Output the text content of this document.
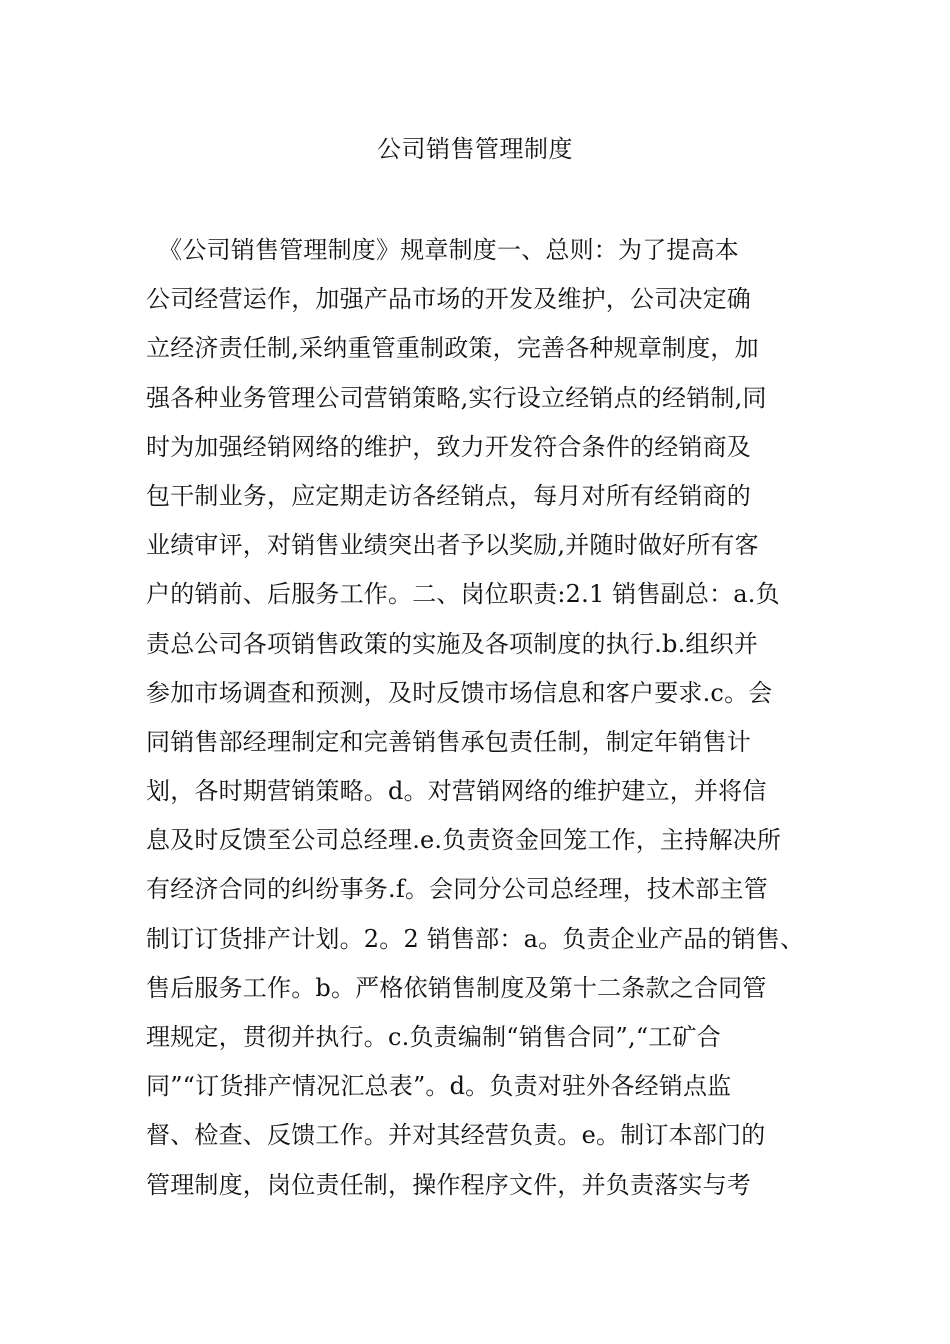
公司销售管理制度
　《公司销售管理制度》规章制度一、总则：为了提高本
公司经营运作，加强产品市场的开发及维护，公司决定确
立经济责任制,采纳重管重制政策，完善各种规章制度，加
强各种业务管理公司营销策略,实行设立经销点的经销制,同
时为加强经销网络的维护，致力开发符合条件的经销商及
包干制业务，应定期走访各经销点，每月对所有经销商的
业绩审评，对销售业绩突出者予以奖励,并随时做好所有客
户的销前、后服务工作。二、岗位职责:2.1 销售副总：a.负
责总公司各项销售政策的实施及各项制度的执行.b.组织并
参加市场调查和预测，及时反馈市场信息和客户要求.c。会
同销售部经理制定和完善销售承包责任制，制定年销售计
划，各时期营销策略。d。对营销网络的维护建立，并将信
息及时反馈至公司总经理.e.负责资金回笼工作，主持解决所
有经济合同的纠纷事务.f。会同分公司总经理，技术部主管
制订订货排产计划。2。2 销售部：a。负责企业产品的销售、
售后服务工作。b。严格依销售制度及第十二条款之合同管
理规定，贯彻并执行。c.负责编制“销售合同”,“工矿合
同”“订货排产情况汇总表”。d。负责对驻外各经销点监
督、检查、反馈工作。并对其经营负责。e。制订本部门的
管理制度，岗位责任制，操作程序文件，并负责落实与考
